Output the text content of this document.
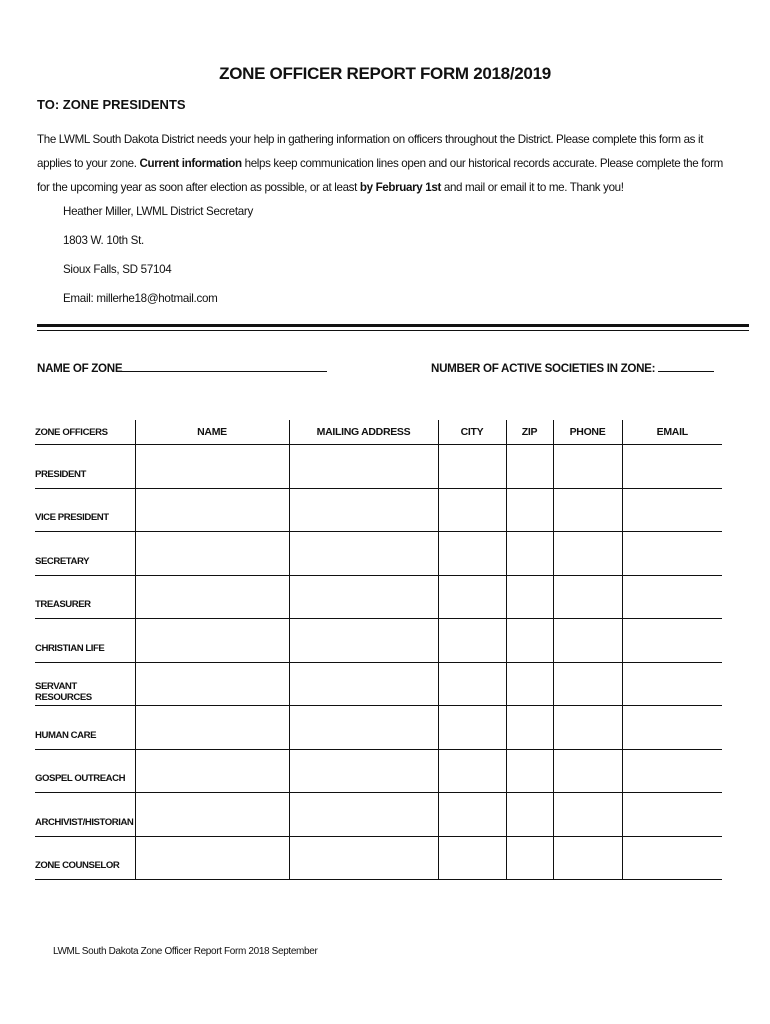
ZONE OFFICER REPORT FORM 2018/2019
TO: ZONE PRESIDENTS
The LWML South Dakota District needs your help in gathering information on officers throughout the District. Please complete this form as it applies to your zone. Current information helps keep communication lines open and our historical records accurate. Please complete the form for the upcoming year as soon after election as possible, or at least by February 1st and mail or email it to me. Thank you!
Heather Miller, LWML District Secretary
1803 W. 10th St.
Sioux Falls, SD 57104
Email: millerhe18@hotmail.com
NAME OF ZONE	NUMBER OF ACTIVE SOCIETIES IN ZONE:
ZONE OFFICERS	NAME	MAILING ADDRESS	CITY	ZIP	PHONE	EMAIL
PRESIDENT						
VICE PRESIDENT						
SECRETARY						
TREASURER						
CHRISTIAN LIFE						
SERVANT RESOURCES						
HUMAN CARE						
GOSPEL OUTREACH						
ARCHIVIST/HISTORIAN						
ZONE COUNSELOR						
LWML South Dakota Zone Officer Report Form 2018 September
